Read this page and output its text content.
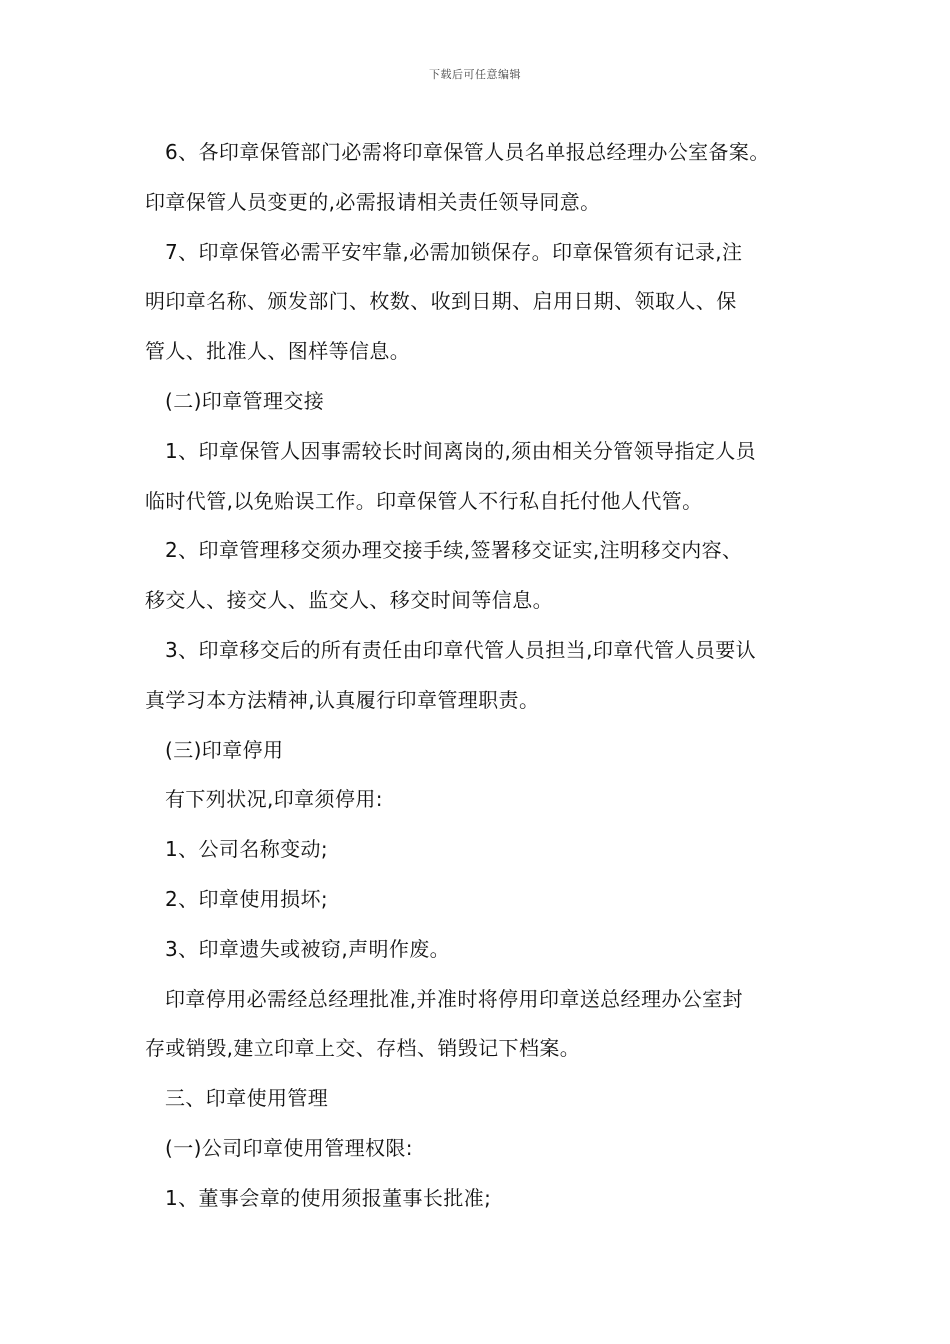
下载后可任意编辑

6、各印章保管部门必需将印章保管人员名单报总经理办公室备案。
印章保管人员变更的,必需报请相关责任领导同意。

7、印章保管必需平安牢靠,必需加锁保存。印章保管须有记录,注
明印章名称、颁发部门、枚数、收到日期、启用日期、领取人、保
管人、批准人、图样等信息。

(二)印章管理交接

1、印章保管人因事需较长时间离岗的,须由相关分管领导指定人员
临时代管,以免贻误工作。印章保管人不行私自托付他人代管。

2、印章管理移交须办理交接手续,签署移交证实,注明移交内容、
移交人、接交人、监交人、移交时间等信息。

3、印章移交后的所有责任由印章代管人员担当,印章代管人员要认
真学习本方法精神,认真履行印章管理职责。

(三)印章停用

有下列状况,印章须停用:

1、公司名称变动;

2、印章使用损坏;

3、印章遗失或被窃,声明作废。

印章停用必需经总经理批准,并准时将停用印章送总经理办公室封
存或销毁,建立印章上交、存档、销毁记下档案。

三、印章使用管理

(一)公司印章使用管理权限:

1、董事会章的使用须报董事长批准;
